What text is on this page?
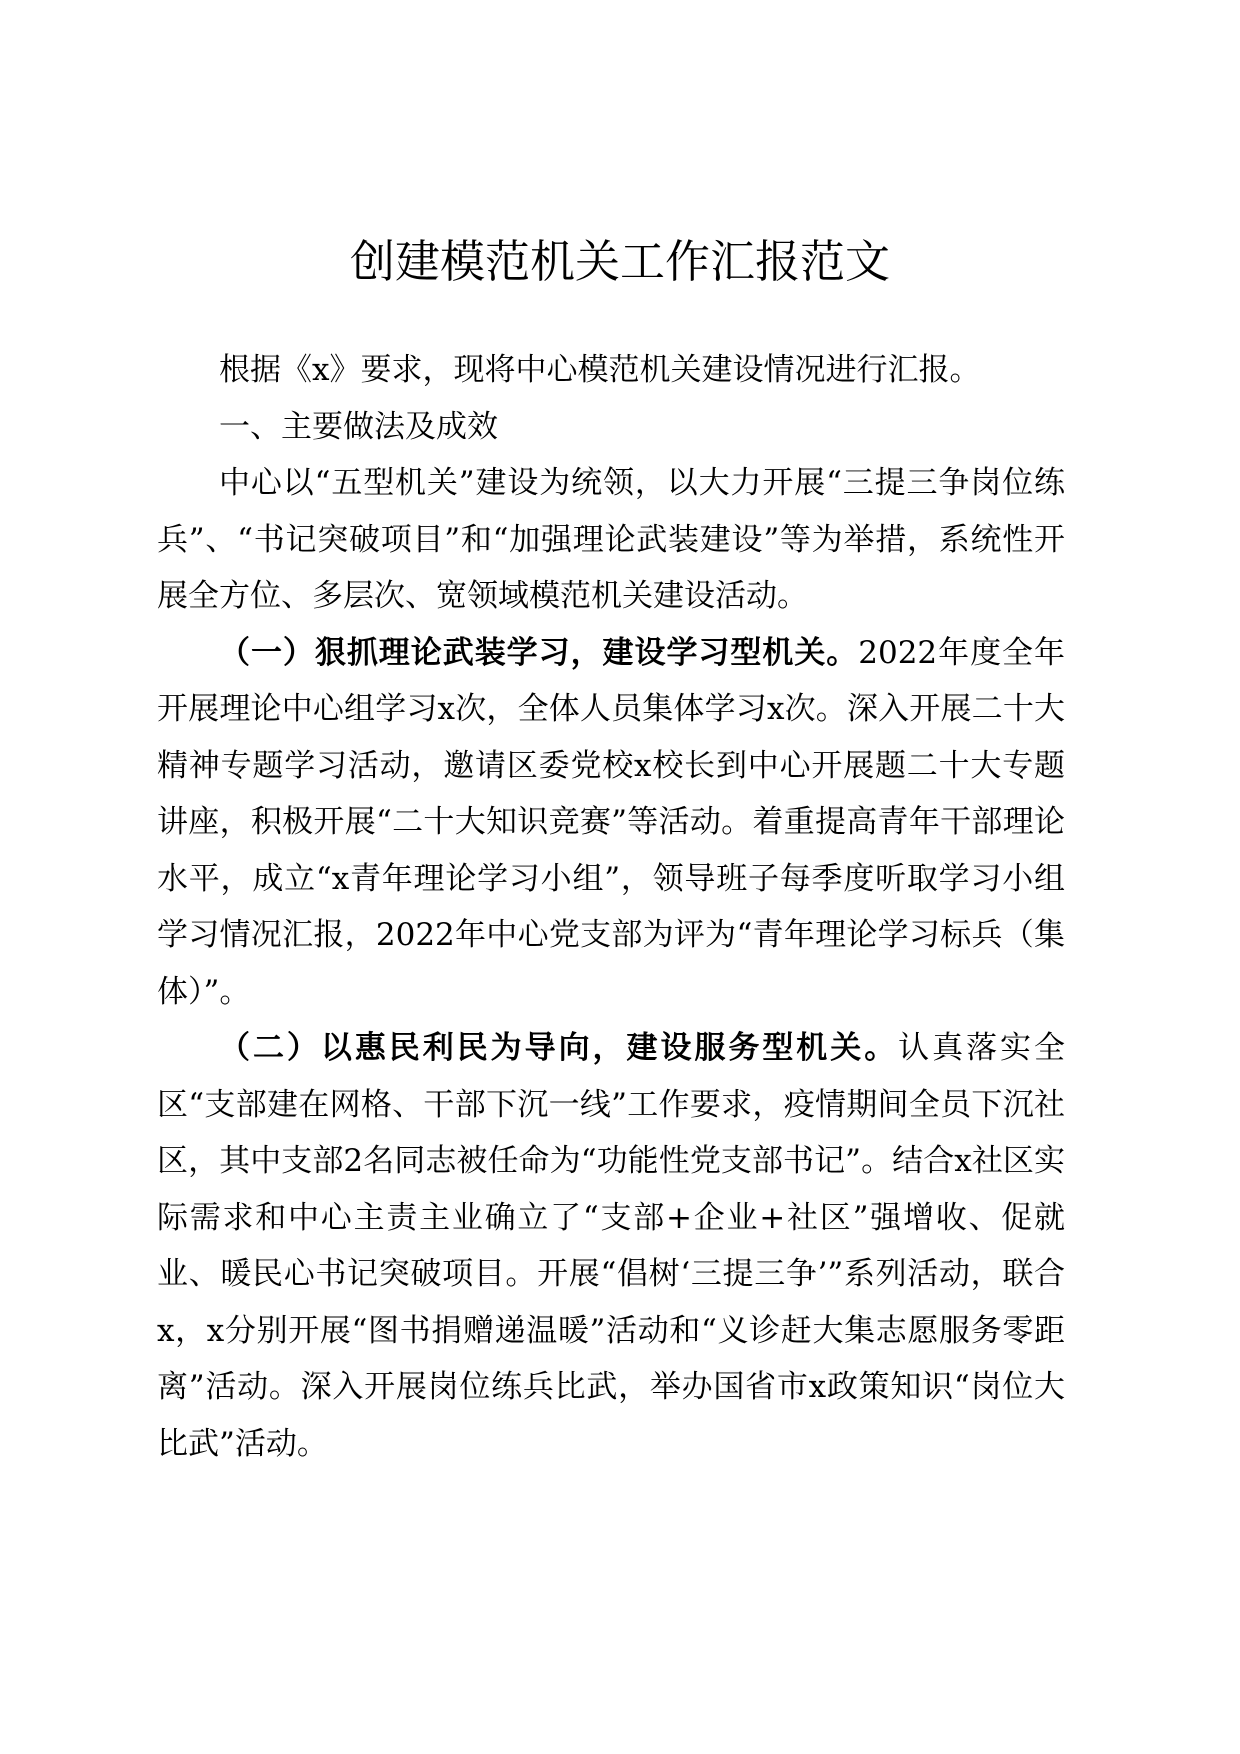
创建模范机关工作汇报范文

根据《x》要求，现将中心模范机关建设情况进行汇报。

一、主要做法及成效

中心以“五型机关”建设为统领，以大力开展“三提三争岗位练兵”、“书记突破项目”和“加强理论武装建设”等为举措，系统性开展全方位、多层次、宽领域模范机关建设活动。

（一）狠抓理论武装学习，建设学习型机关。2022年度全年开展理论中心组学习x次，全体人员集体学习x次。深入开展二十大精神专题学习活动，邀请区委党校x校长到中心开展题二十大专题讲座，积极开展“二十大知识竞赛”等活动。着重提高青年干部理论水平，成立“x青年理论学习小组”，领导班子每季度听取学习小组学习情况汇报，2022年中心党支部为评为“青年理论学习标兵（集体）”。

（二）以惠民利民为导向，建设服务型机关。认真落实全区“支部建在网格、干部下沉一线”工作要求，疫情期间全员下沉社区，其中支部2名同志被任命为“功能性党支部书记”。结合x社区实际需求和中心主责主业确立了“支部+企业+社区”强增收、促就业、暖民心书记突破项目。开展“倡树‘三提三争’”系列活动，联合x，x分别开展“图书捐赠递温暖”活动和“义诊赶大集志愿服务零距离”活动。深入开展岗位练兵比武，举办国省市x政策知识“岗位大比武”活动。
